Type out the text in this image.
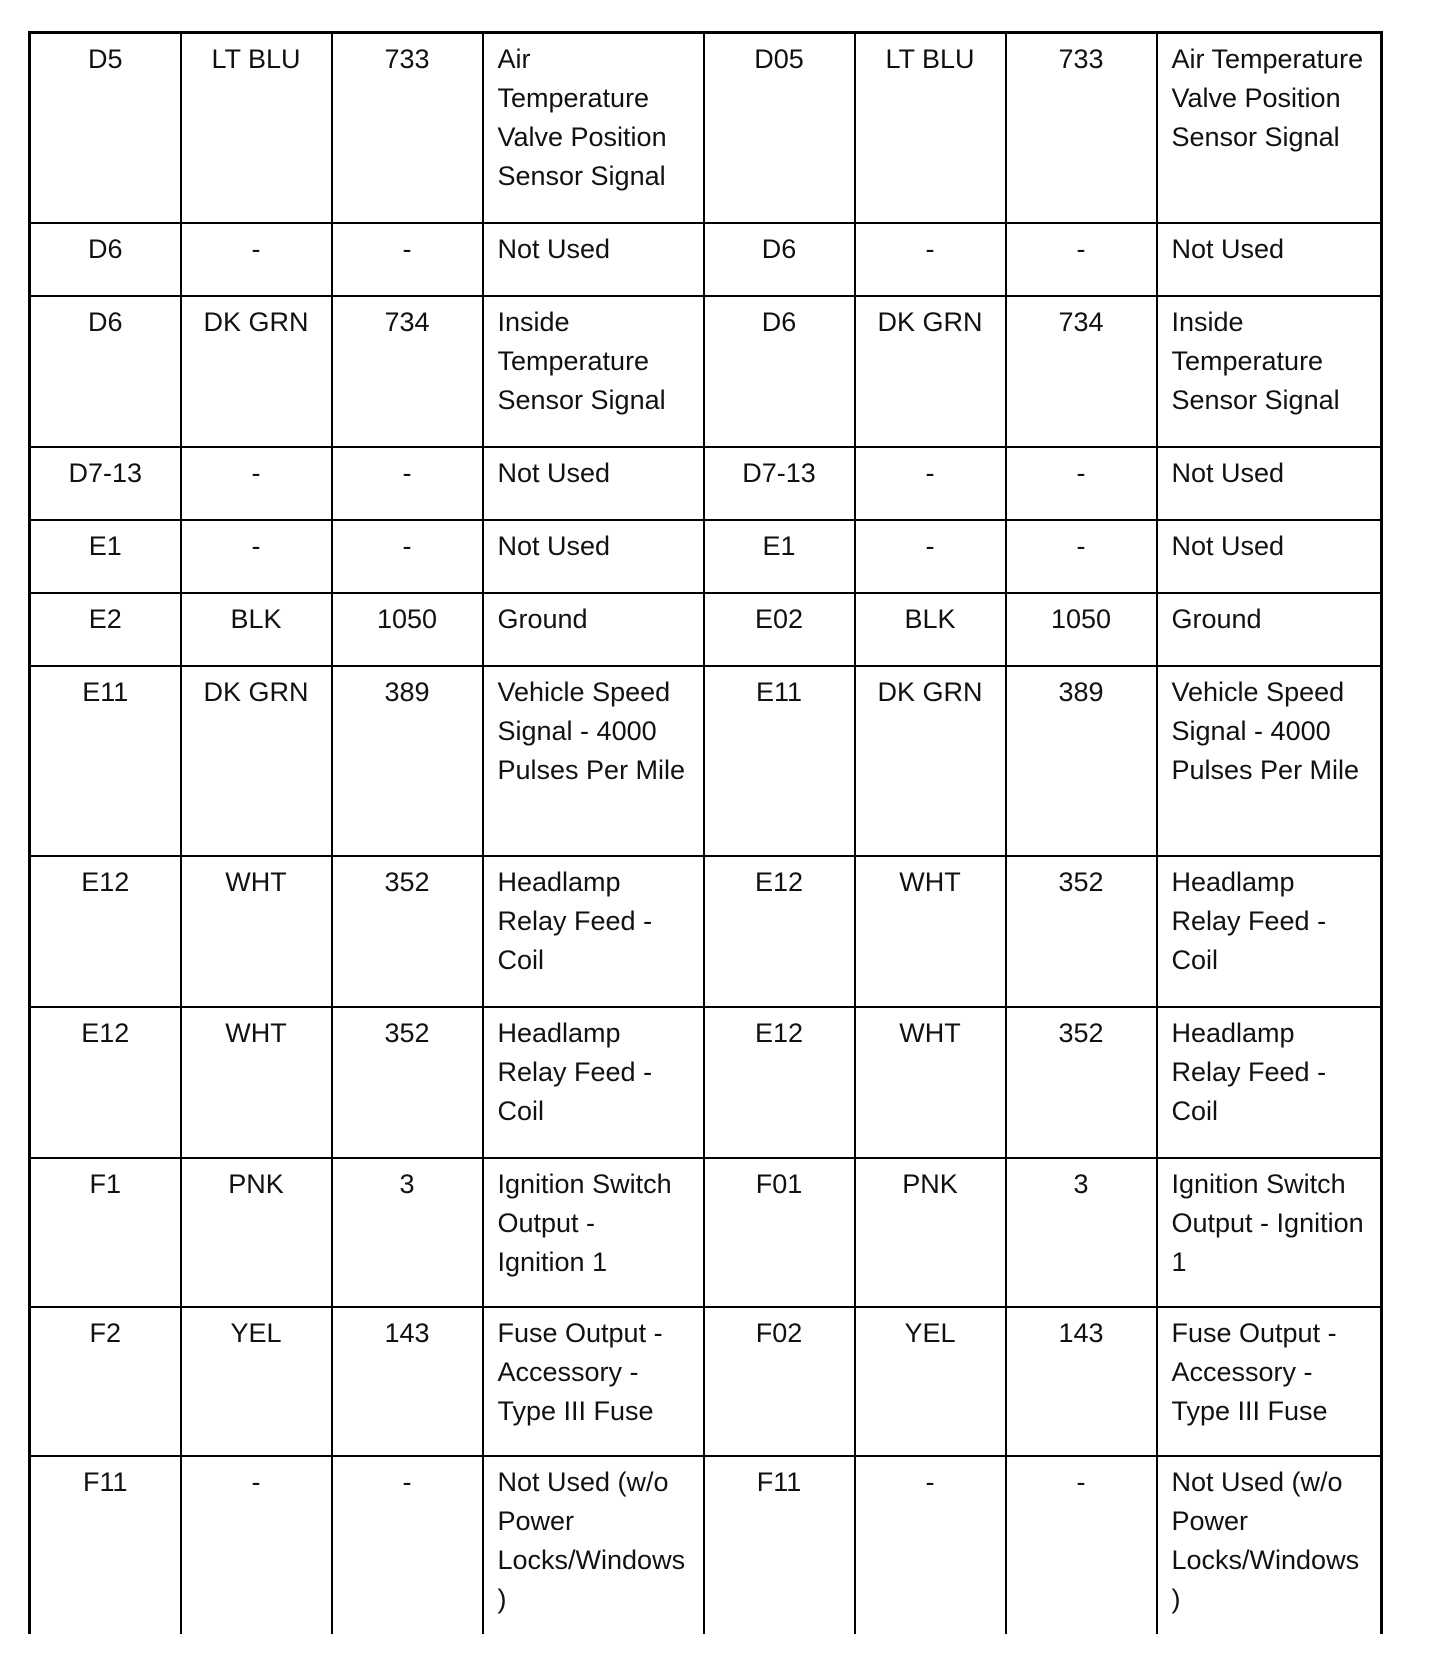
D5	LT BLU	733	Air Temperature Valve Position Sensor Signal	D05	LT BLU	733	Air Temperature Valve Position Sensor Signal

D6	-	-	Not Used	D6	-	-	Not Used

D6	DK GRN	734	Inside Temperature Sensor Signal	D6	DK GRN	734	Inside Temperature Sensor Signal

D7-13	-	-	Not Used	D7-13	-	-	Not Used

E1	-	-	Not Used	E1	-	-	Not Used

E2	BLK	1050	Ground	E02	BLK	1050	Ground

E11	DK GRN	389	Vehicle Speed Signal - 4000 Pulses Per Mile	E11	DK GRN	389	Vehicle Speed Signal - 4000 Pulses Per Mile

E12	WHT	352	Headlamp Relay Feed -Coil	E12	WHT	352	Headlamp Relay Feed - Coil

E12	WHT	352	Headlamp Relay Feed - Coil	E12	WHT	352	Headlamp Relay Feed - Coil

F1	PNK	3	Ignition Switch Output - Ignition 1	F01	PNK	3	Ignition Switch Output - Ignition 1

F2	YEL	143	Fuse Output - Accessory - Type III Fuse	F02	YEL	143	Fuse Output - Accessory - Type III Fuse

F11	-	-	Not Used (w/o Power Locks/Windows)	F11	-	-	Not Used (w/o Power Locks/Windows)
